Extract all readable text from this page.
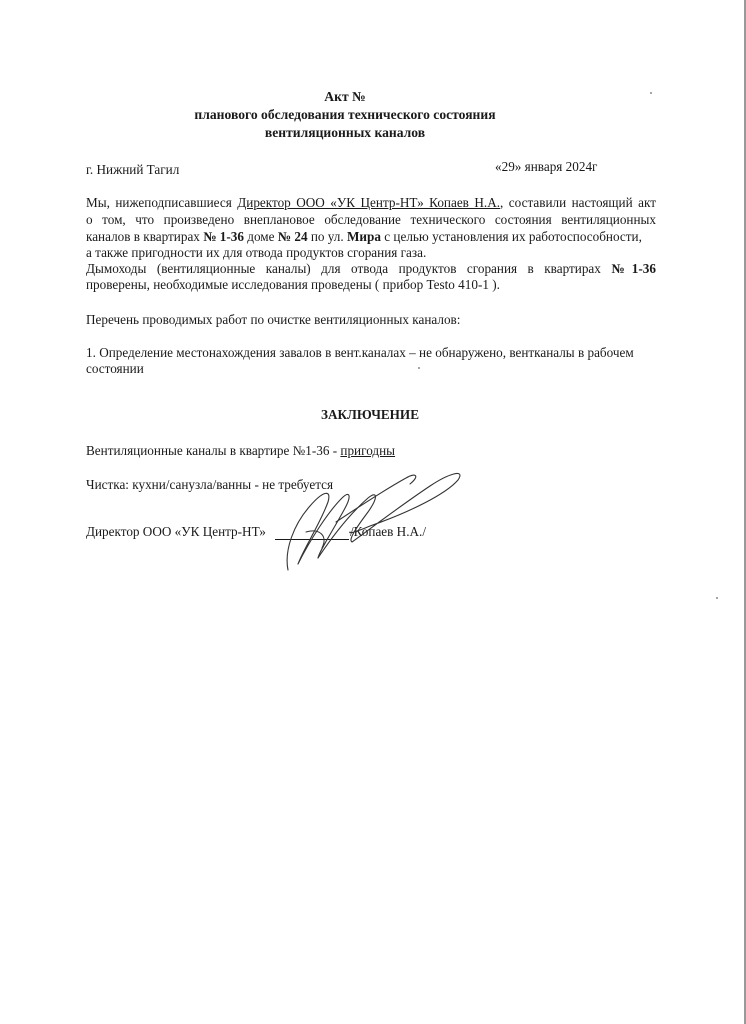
Акт №
планового обследования технического состояния
вентиляционных каналов
г. Нижний Тагил	«29» января 2024г
Мы, нижеподписавшиеся Директор ООО «УК Центр-НТ» Копаев Н.А., составили настоящий акт
о том, что произведено внеплановое обследование технического состояния вентиляционных
каналов в квартирах № 1-36 доме № 24 по ул. Мира с целью установления их работоспособности,
а также пригодности их для отвода продуктов сгорания газа.
Дымоходы (вентиляционные каналы) для отвода продуктов сгорания в квартирах №1-36
проверены, необходимые исследования проведены ( прибор Testo 410-1 ).
Перечень проводимых работ по очистке вентиляционных каналов:
1. Определение местонахождения завалов в вент.каналах – не обнаружено, вентканалы в рабочем
состоянии
ЗАКЛЮЧЕНИЕ
Вентиляционные каналы в квартире №1-36 - пригодны
Чистка: кухни/санузла/ванны - не требуется
Директор ООО «УК Центр-НТ»	/Копаев Н.А./
